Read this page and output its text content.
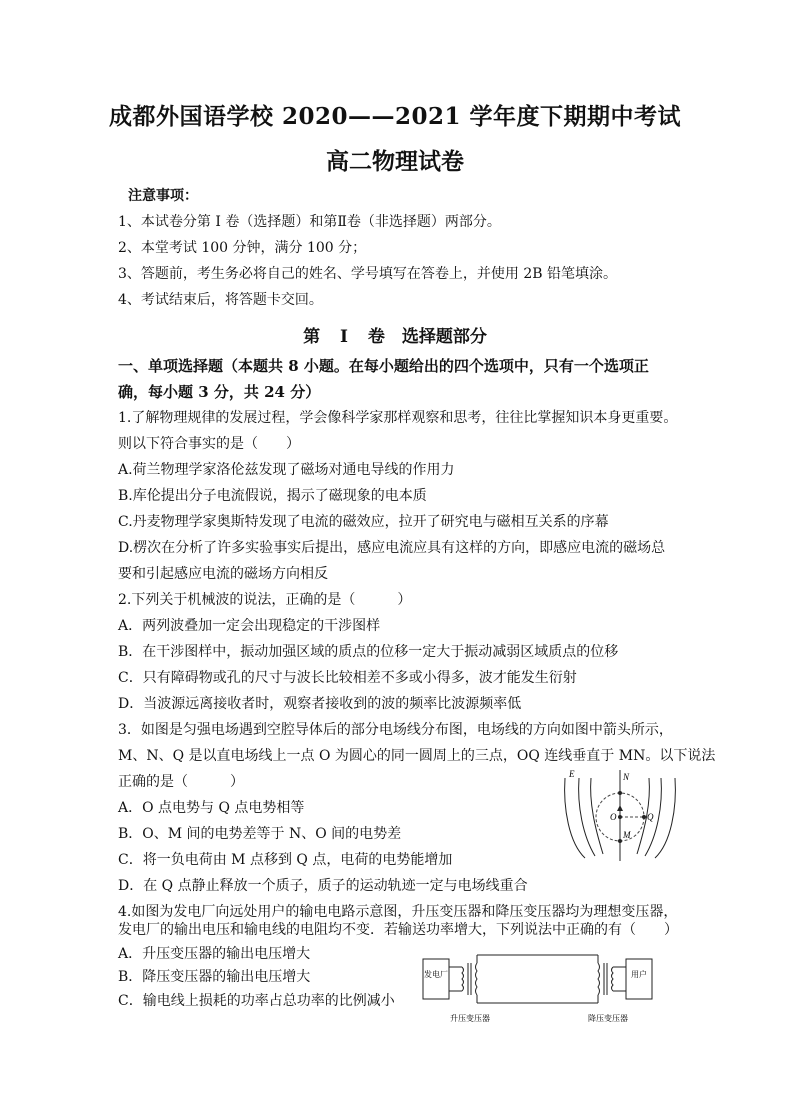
成都外国语学校 2020——2021 学年度下期期中考试
高二物理试卷
注意事项：
1、本试卷分第 I 卷（选择题）和第Ⅱ卷（非选择题）两部分。
2、本堂考试 100 分钟，满分 100 分；
3、答题前，考生务必将自己的姓名、学号填写在答卷上，并使用 2B 铅笔填涂。
4、考试结束后，将答题卡交回。
第 I 卷　选择题部分
一、单项选择题（本题共 8 小题。在每小题给出的四个选项中，只有一个选项正确，每小题 3 分，共 24 分）
1.了解物理规律的发展过程，学会像科学家那样观察和思考，往往比掌握知识本身更重要。
则以下符合事实的是（　　）
A.荷兰物理学家洛伦兹发现了磁场对通电导线的作用力
B.库伦提出分子电流假说，揭示了磁现象的电本质
C.丹麦物理学家奥斯特发现了电流的磁效应，拉开了研究电与磁相互关系的序幕
D.楞次在分析了许多实验事实后提出，感应电流应具有这样的方向，即感应电流的磁场总
要和引起感应电流的磁场方向相反
2.下列关于机械波的说法，正确的是（　　　）
A．两列波叠加一定会出现稳定的干涉图样
B．在干涉图样中，振动加强区域的质点的位移一定大于振动减弱区域质点的位移
C．只有障碍物或孔的尺寸与波长比较相差不多或小得多，波才能发生衍射
D．当波源远离接收者时，观察者接收到的波的频率比波源频率低
3．如图是匀强电场遇到空腔导体后的部分电场线分布图，电场线的方向如图中箭头所示，
M、N、Q 是以直电场线上一点 O 为圆心的同一圆周上的三点，OQ 连线垂直于 MN。以下说法
正确的是（　　　）
A．O 点电势与 Q 点电势相等
B．O、M 间的电势差等于 N、O 间的电势差
C．将一负电荷由 M 点移到 Q 点，电荷的电势能增加
D．在 Q 点静止释放一个质子，质子的运动轨迹一定与电场线重合
E	N
O	Q
M
4.如图为发电厂向远处用户的输电电路示意图，升压变压器和降压变压器均为理想变压器，
发电厂的输出电压和输电线的电阻均不变．若输送功率增大，下列说法中正确的有（　　）
A．升压变压器的输出电压增大
B．降压变压器的输出电压增大
C．输电线上损耗的功率占总功率的比例减小
发电厂	用户
升压变压器	降压变压器
